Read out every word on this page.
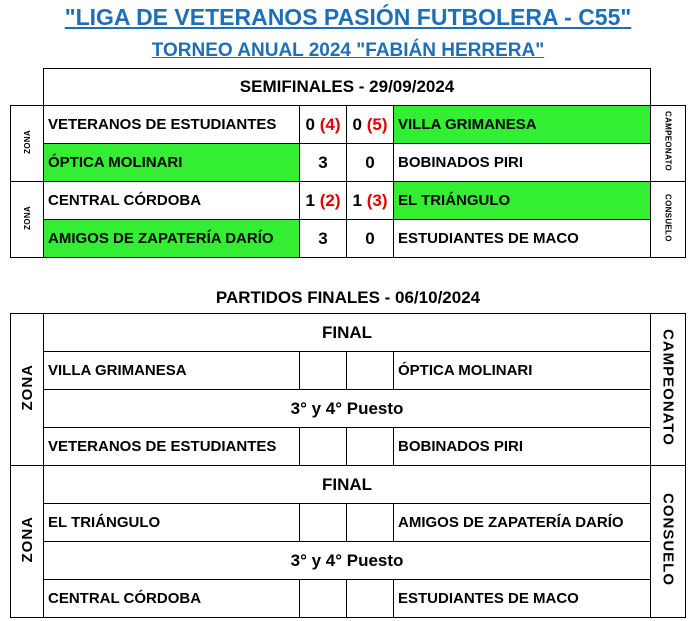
"LIGA DE VETERANOS PASIÓN FUTBOLERA - C55"
TORNEO ANUAL 2024 "FABIÁN HERRERA"
	SEMIFINALES - 29/09/2024				
ZONA	VETERANOS DE ESTUDIANTES	0 (4)	0 (5)	VILLA GRIMANESA	CAMPEONATO
	ÓPTICA MOLINARI	3	0	BOBINADOS PIRI	
ZONA	CENTRAL CÓRDOBA	1 (2)	1 (3)	EL TRIÁNGULO	CONSUELO
	AMIGOS DE ZAPATERÍA DARÍO	3	0	ESTUDIANTES DE MACO	
PARTIDOS FINALES - 06/10/2024
ZONA	FINAL				CAMPEONATO
	VILLA GRIMANESA			ÓPTICA MOLINARI	
	3° y 4° Puesto				
	VETERANOS DE ESTUDIANTES			BOBINADOS PIRI	
ZONA	FINAL				CONSUELO
	EL TRIÁNGULO			AMIGOS DE ZAPATERÍA DARÍO	
	3° y 4° Puesto				
	CENTRAL CÓRDOBA			ESTUDIANTES DE MACO	
